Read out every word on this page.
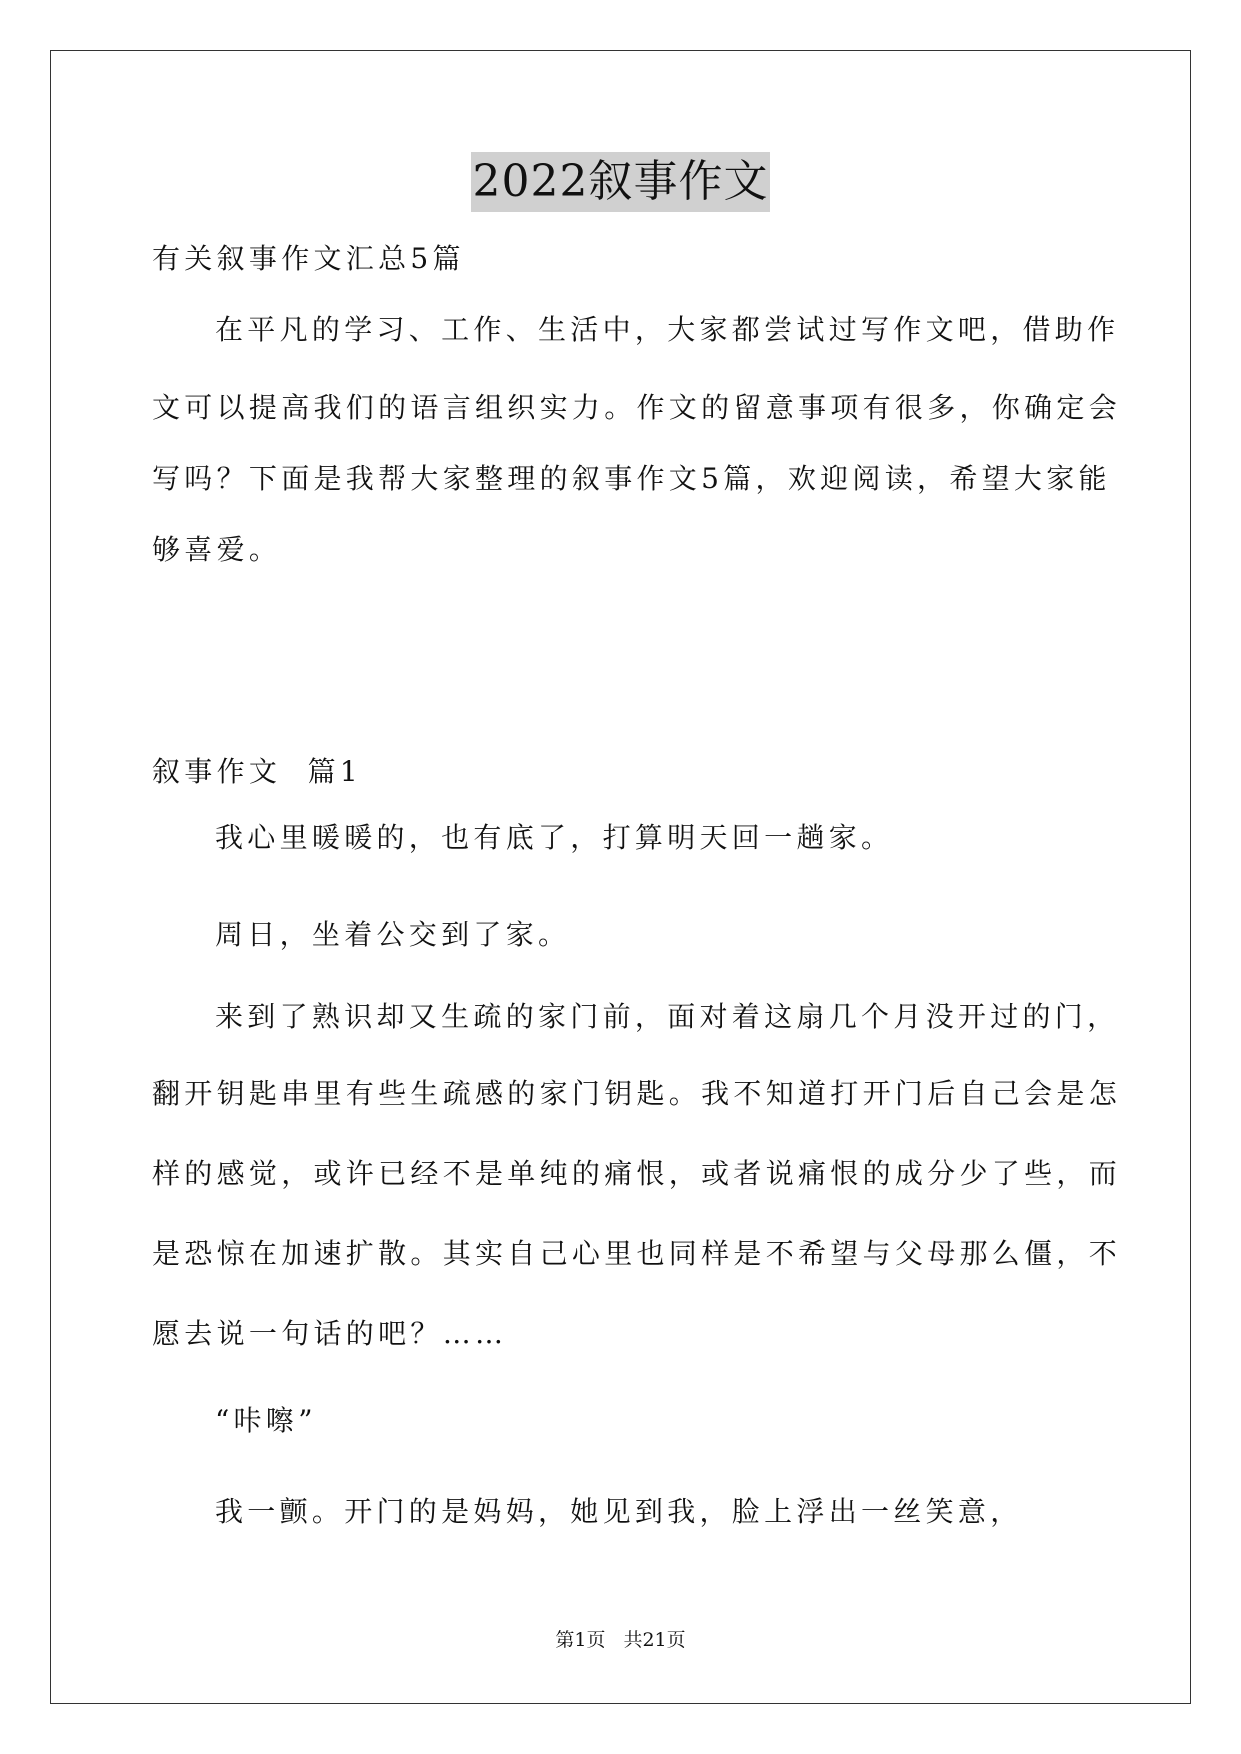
2022叙事作文
有关叙事作文汇总5篇
在平凡的学习、工作、生活中，大家都尝试过写作文吧，借助作
文可以提高我们的语言组织实力。作文的留意事项有很多，你确定会
写吗？下面是我帮大家整理的叙事作文5篇，欢迎阅读，希望大家能
够喜爱。
叙事作文  篇1
我心里暖暖的，也有底了，打算明天回一趟家。
周日，坐着公交到了家。
来到了熟识却又生疏的家门前，面对着这扇几个月没开过的门，
翻开钥匙串里有些生疏感的家门钥匙。我不知道打开门后自己会是怎
样的感觉，或许已经不是单纯的痛恨，或者说痛恨的成分少了些，而
是恐惊在加速扩散。其实自己心里也同样是不希望与父母那么僵，不
愿去说一句话的吧？……
“咔嚓”
我一颤。开门的是妈妈，她见到我，脸上浮出一丝笑意，
第1页 共21页
